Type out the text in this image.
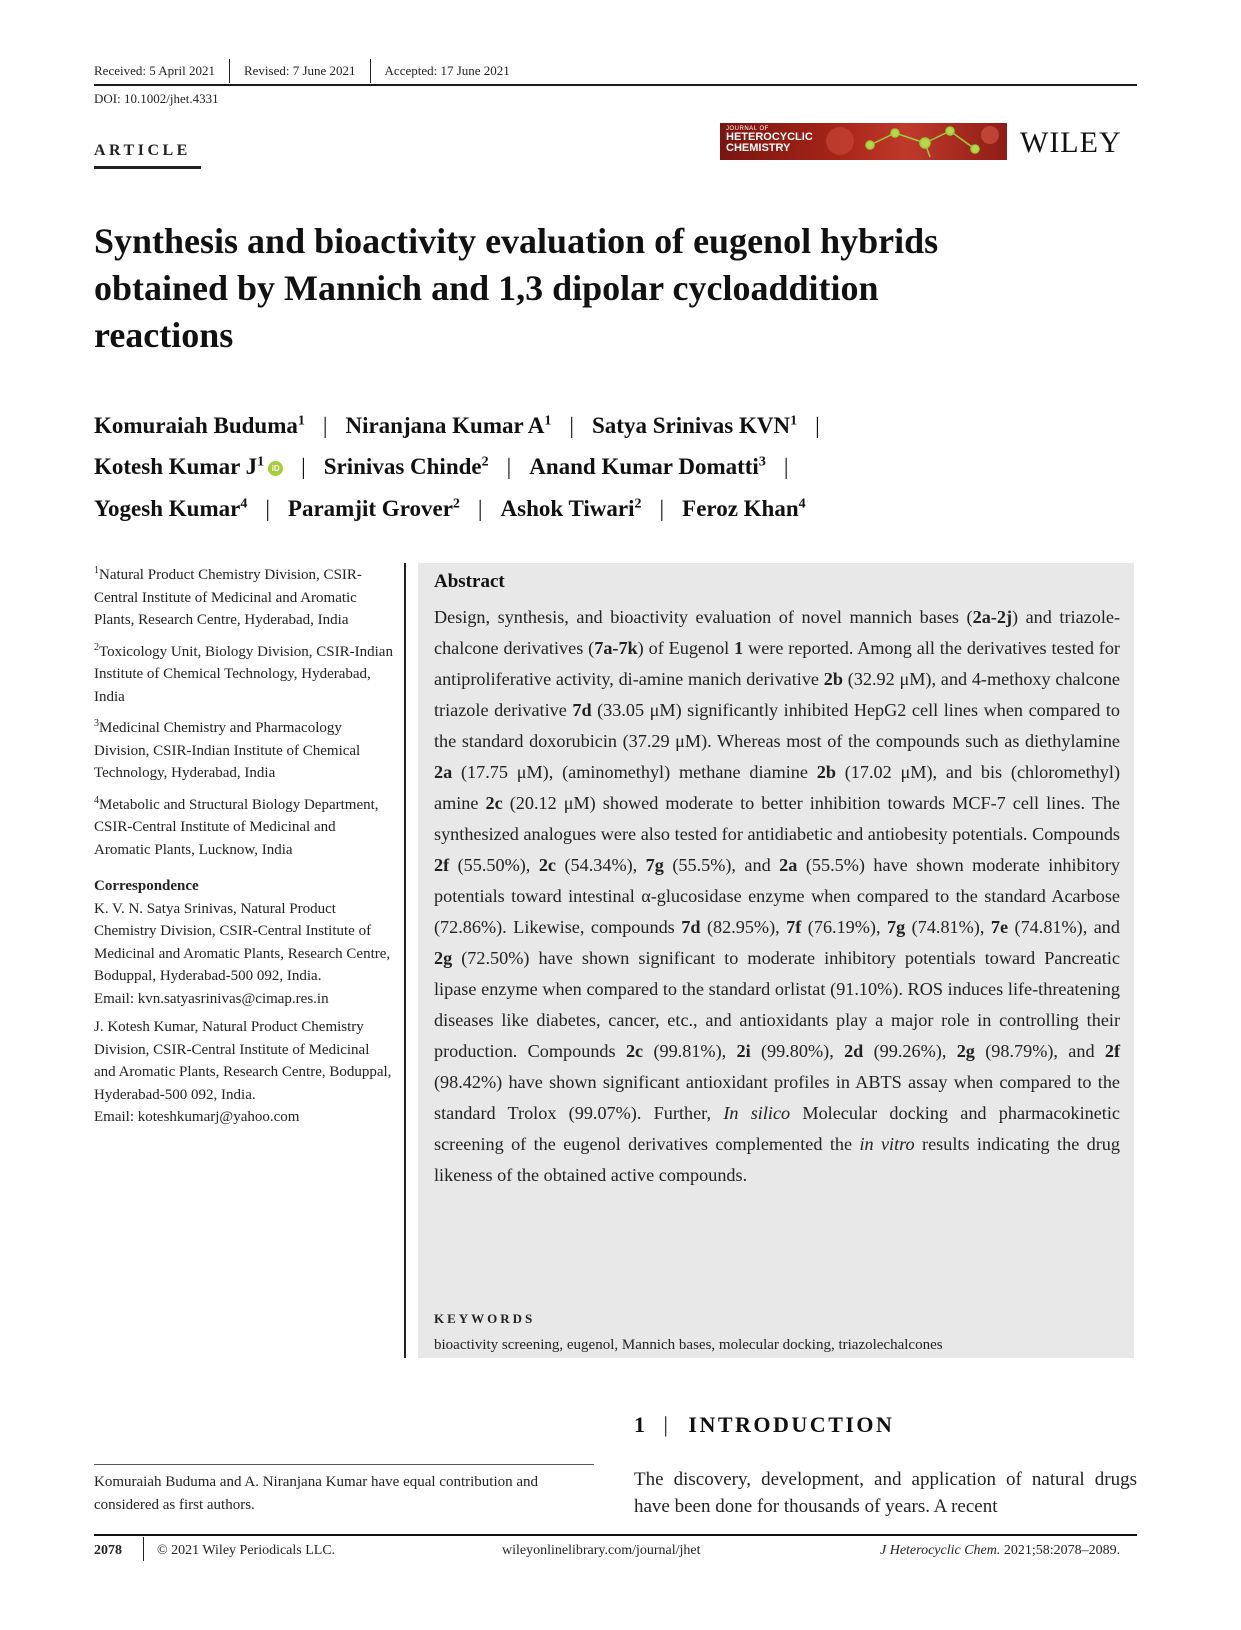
Received: 5 April 2021	Revised: 7 June 2021	Accepted: 17 June 2021
DOI: 10.1002/jhet.4331
ARTICLE
JOURNAL OF
HETEROCYCLIC
CHEMISTRY	WILEY
Synthesis and bioactivity evaluation of eugenol hybrids obtained by Mannich and 1,3 dipolar cycloaddition reactions
Komuraiah Buduma$^1$ | Niranjana Kumar $A^1$ | Satya Srinivas KVN$^1$ |
Kotesh Kumar $J^1$ iD | Srinivas Chinde$^2$ | Anand Kumar Domatti$^3$ |
Yogesh Kumar$^4$ | Paramjit Grover$^2$ | Ashok Tiwari$^2$ | Feroz Khan$^4$

$^1$Natural Product Chemistry Division, CSIR-Central Institute of Medicinal and Aromatic Plants, Research Centre, Hyderabad, India

$^2$Toxicology Unit, Biology Division, CSIR-Indian Institute of Chemical Technology, Hyderabad, India

$^3$Medicinal Chemistry and Pharmacology Division, CSIR-Indian Institute of Chemical Technology, Hyderabad, India

$^4$Metabolic and Structural Biology Department, CSIR-Central Institute of Medicinal and Aromatic Plants, Lucknow, India

Correspondence

K. V. N. Satya Srinivas, Natural Product Chemistry Division, CSIR-Central Institute of Medicinal and Aromatic Plants, Research Centre, Boduppal, Hyderabad-500 092, India.

Email: kvn.satyasrinivas@cimap.res.in

J. Kotesh Kumar, Natural Product Chemistry Division, CSIR-Central Institute of Medicinal and Aromatic Plants, Research Centre, Boduppal, Hyderabad-500 092, India.

Email: koteshkumarj@yahoo.com

Abstract
Design, synthesis, and bioactivity evaluation of novel mannich bases (2a-2j) and triazole-chalcone derivatives (7a-7k) of Eugenol 1 were reported. Among all the derivatives tested for antiproliferative activity, di-amine manich derivative 2b (32.92 μM), and 4-methoxy chalcone triazole derivative 7d (33.05 μM) significantly inhibited HepG2 cell lines when compared to the standard doxorubicin (37.29 μM). Whereas most of the compounds such as diethylamine 2a (17.75 μM), (aminomethyl) methane diamine 2b (17.02 μM), and bis (chloromethyl) amine 2c (20.12 μM) showed moderate to better inhibition towards MCF-7 cell lines. The synthesized analogues were also tested for antidiabetic and antiobesity potentials. Compounds 2f (55.50%), 2c (54.34%), 7g (55.5%), and 2a (55.5%) have shown moderate inhibitory potentials toward intestinal α-glucosidase enzyme when compared to the standard Acarbose (72.86%). Likewise, compounds 7d (82.95%), 7f (76.19%), 7g (74.81%), 7e (74.81%), and 2g (72.50%) have shown significant to moderate inhibitory potentials toward Pancreatic lipase enzyme when compared to the standard orlistat (91.10%). ROS induces life-threatening diseases like diabetes, cancer, etc., and antioxidants play a major role in controlling their production. Compounds 2c (99.81%), 2i (99.80%), 2d (99.26%), 2g (98.79%), and 2f (98.42%) have shown significant antioxidant profiles in ABTS assay when compared to the standard Trolox (99.07%). Further, In silico Molecular docking and pharmacokinetic screening of the eugenol derivatives complemented the in vitro results indicating the drug likeness of the obtained active compounds.
KEYWORDS
bioactivity screening, eugenol, Mannich bases, molecular docking, triazolechalcones
1 | INTRODUCTION
The discovery, development, and application of natural drugs have been done for thousands of years. A recent
Komuraiah Buduma and A. Niranjana Kumar have equal contribution and considered as first authors.
2078	© 2021 Wiley Periodicals LLC.	wileyonlinelibrary.com/journal/jhet	J Heterocyclic Chem. 2021;58:2078–2089.
